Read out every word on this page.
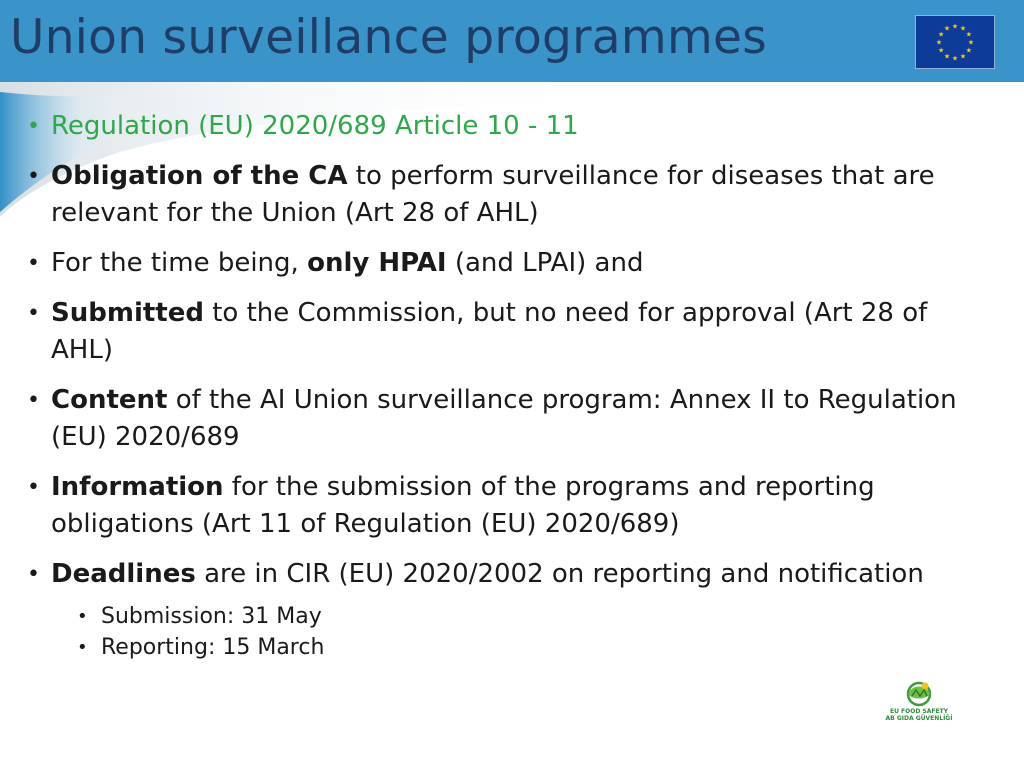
Union surveillance programmes	★ ★
★
★
★
★
★
★
★
★
★
★
• Regulation (EU) 2020/689 Article 10 - 11
• Obligation of the CA to perform surveillance for diseases that are relevant for the Union (Art 28 of AHL)
• For the time being, only HPAI (and LPAI) and
• Submitted to the Commission, but no need for approval (Art 28 of AHL)
• Content of the AI Union surveillance program: Annex II to Regulation (EU) 2020/689
• Information for the submission of the programs and reporting obligations (Art 11 of Regulation (EU) 2020/689)
• Deadlines are in CIR (EU) 2020/2002 on reporting and notification
• Submission: 31 May
• Reporting: 15 March
EU FOOD SAFETY
AB GIDA GÜVENLİĞİ
